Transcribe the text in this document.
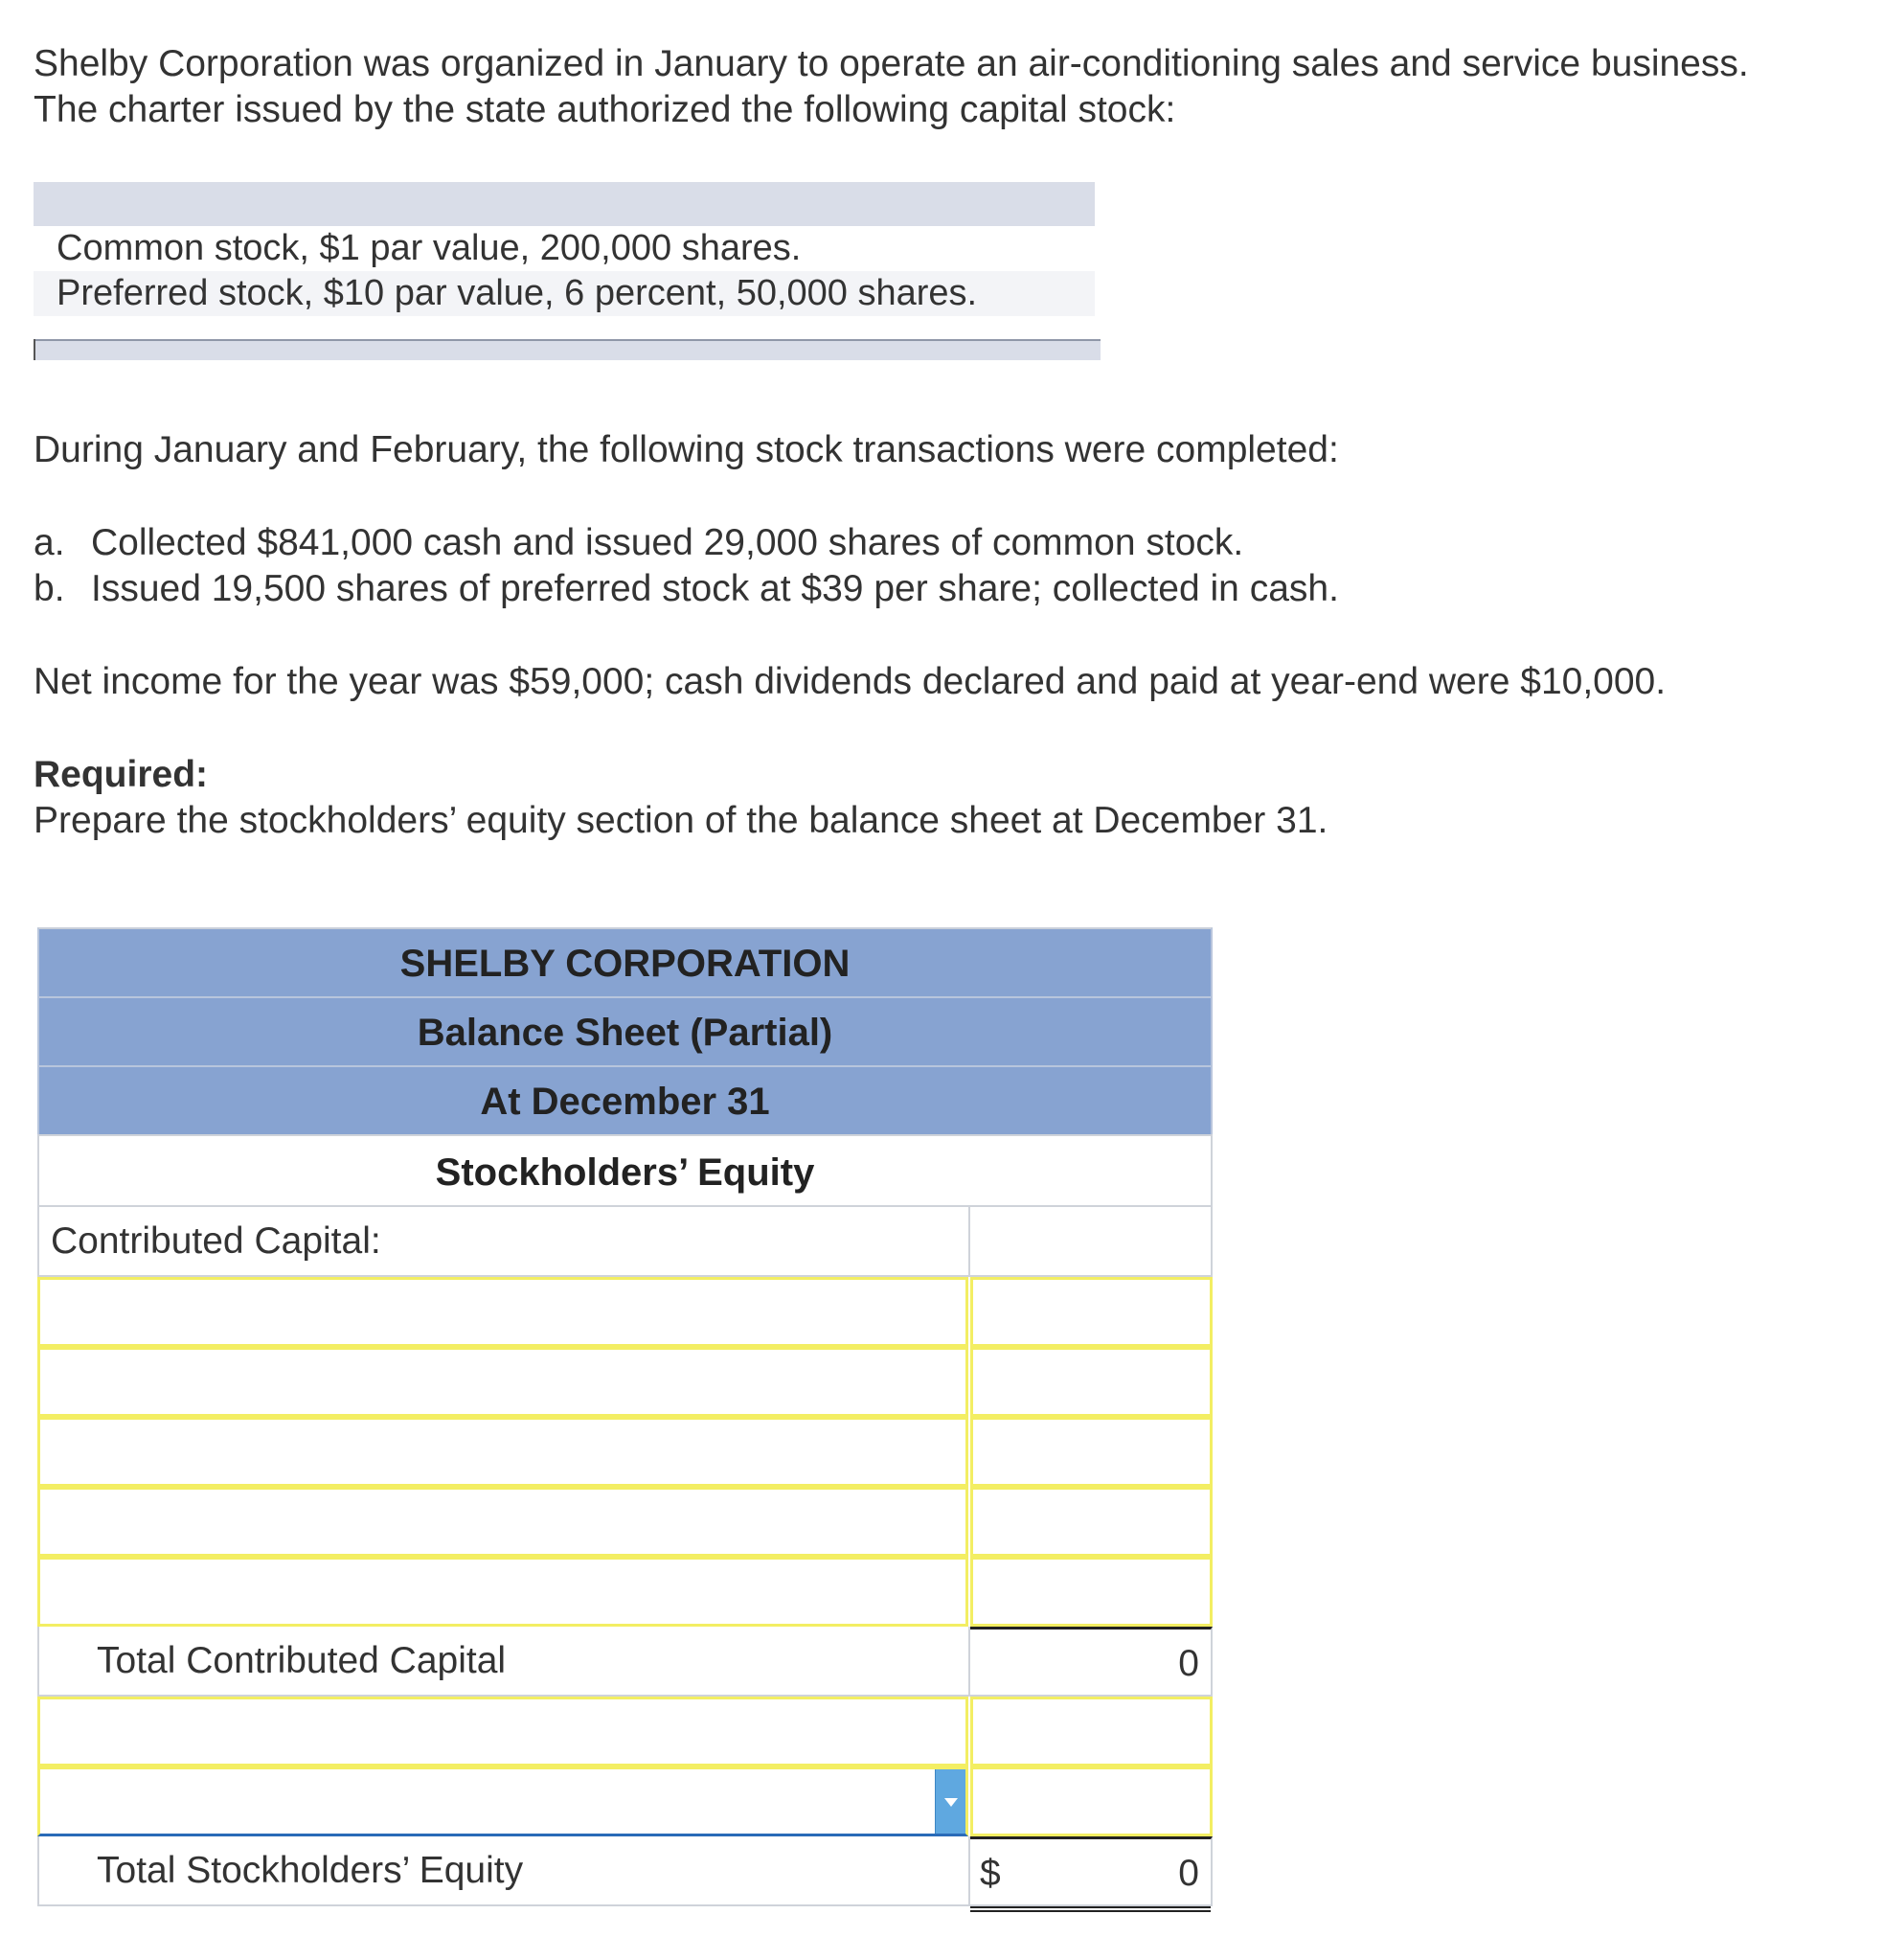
Shelby Corporation was organized in January to operate an air-conditioning sales and service business.
The charter issued by the state authorized the following capital stock:

Common stock, $1 par value, 200,000 shares.
Preferred stock, $10 par value, 6 percent, 50,000 shares.

During January and February, the following stock transactions were completed:

a. Collected $841,000 cash and issued 29,000 shares of common stock.
b. Issued 19,500 shares of preferred stock at $39 per share; collected in cash.

Net income for the year was $59,000; cash dividends declared and paid at year-end were $10,000.

Required:

Prepare the stockholders’ equity section of the balance sheet at December 31.

SHELBY CORPORATION
Balance Sheet (Partial)
At December 31
Stockholders’ Equity
Contributed Capital:
Total Contributed Capital	0
Total Stockholders’ Equity	$	0
